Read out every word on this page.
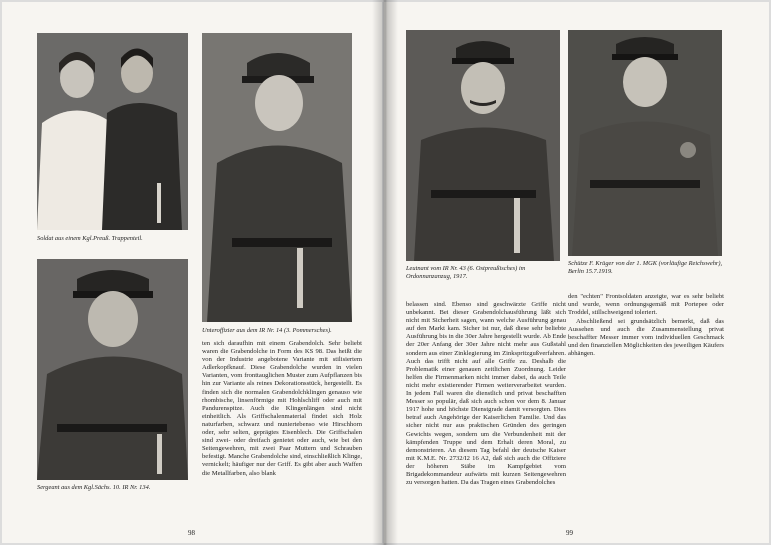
Soldat aus einem Kgl.Preuß. Trappenteil.
Unteroffizier aus dem IR Nr. 14 (3. Pommersches).
Sergeant aus dem Kgl.Sächs. 10. IR Nr. 134.
ten sich daraufhin mit einem Grabendolch. Sehr beliebt waren die Grabendolche in Form des KS 98. Das heißt die von der Industrie angebotene Variante mit stilisiertem Adlerkopfknauf. Diese Grabendolche wurden in vielen Varianten, vom fronttauglichen Muster zum Aufpflanzen bis hin zur Variante als reines Dekorationsstück, hergestellt. Es finden sich die normalen Grabendolchklingen genauso wie rhombische, linsenförmige mit Hohlschliff oder auch mit Pandurenspitze. Auch die Klingenlängen sind nicht einheitlich. Als Griffschalenmaterial findet sich Holz naturfarben, schwarz und nuniertebenso wie Hirschhorn oder, sehr selten, geprägtes Eisenblech. Die Griffschalen sind zwei- oder dreifach genietet oder auch, wie bei den Seitengewehren, mit zwei Paar Muttern und Schrauben befestigt. Manche Grabendolche sind, einschließlich Klinge, vernickelt; häufiger nur der Griff. Es gibt aber auch Waffen die Metallfarben, also blank
98
Leutnant vom IR Nr. 43 (6. Ostpreußisches) im Ordonnanzanzug, 1917.
Schütze F. Krüger von der 1. MGK (vorläufige Reichswehr), Berlin 15.7.1919.
belassen sind. Ebenso sind geschwärzte Griffe nicht unbekannt. Bei dieser Grabendolchausführung läßt sich nicht mit Sicherheit sagen, wann welche Ausführung genau auf den Markt kam. Sicher ist nur, daß diese sehr beliebte Ausführung bis in die 30er Jahre hergestellt wurde. Ab Ende der 20er Anfang der 30er Jahre nicht mehr aus Gußstahl sondern aus einer Zinklegierung im Zinkspritzgußverfahren. Auch das trifft nicht auf alle Griffe zu. Deshalb die Problematik einer genauen zeitlichen Zuordnung. Leider helfen die Firmenmarken nicht immer dabei, da auch Teile nicht mehr existierender Firmen weiterverarbeitet wurden. In jedem Fall waren die dienstlich und privat beschafften Messer so populär, daß sich auch schon vor dem 8. Januar 1917 hohe und höchste Dienstgrade damit versorgten. Dies betraf auch Angehörige der Kaiserlichen Familie. Und das sicher nicht nur aus praktischen Gründen des geringen Gewichts wegen, sondern um die Verbundenheit mit der kämpfenden Truppe und dem Erhalt deren Moral, zu demonstrieren. An diesem Tag befahl der deutsche Kaiser mit K.M.E. Nr. 2732/I2 16 A2, daß sich auch die Offiziere der höheren Stäbe im Kampfgebiet vom Brigadekommandeur aufwärts mit kurzen Seitengewehren zu versorgen hatten. Da das Tragen eines Grabendolches
den "echten" Frontsoldaten anzeigte, war es sehr beliebt und wurde, wenn ordnungsgemäß mit Portepee oder Troddel, stillschweigend toleriert.
Abschließend sei grundsätzlich bemerkt, daß das Aussehen und auch die Zusammenstellung privat beschaffter Messer immer vom individuellen Geschmack und den finanziellen Möglichkeiten des jeweiligen Käufers abhängen.
99
